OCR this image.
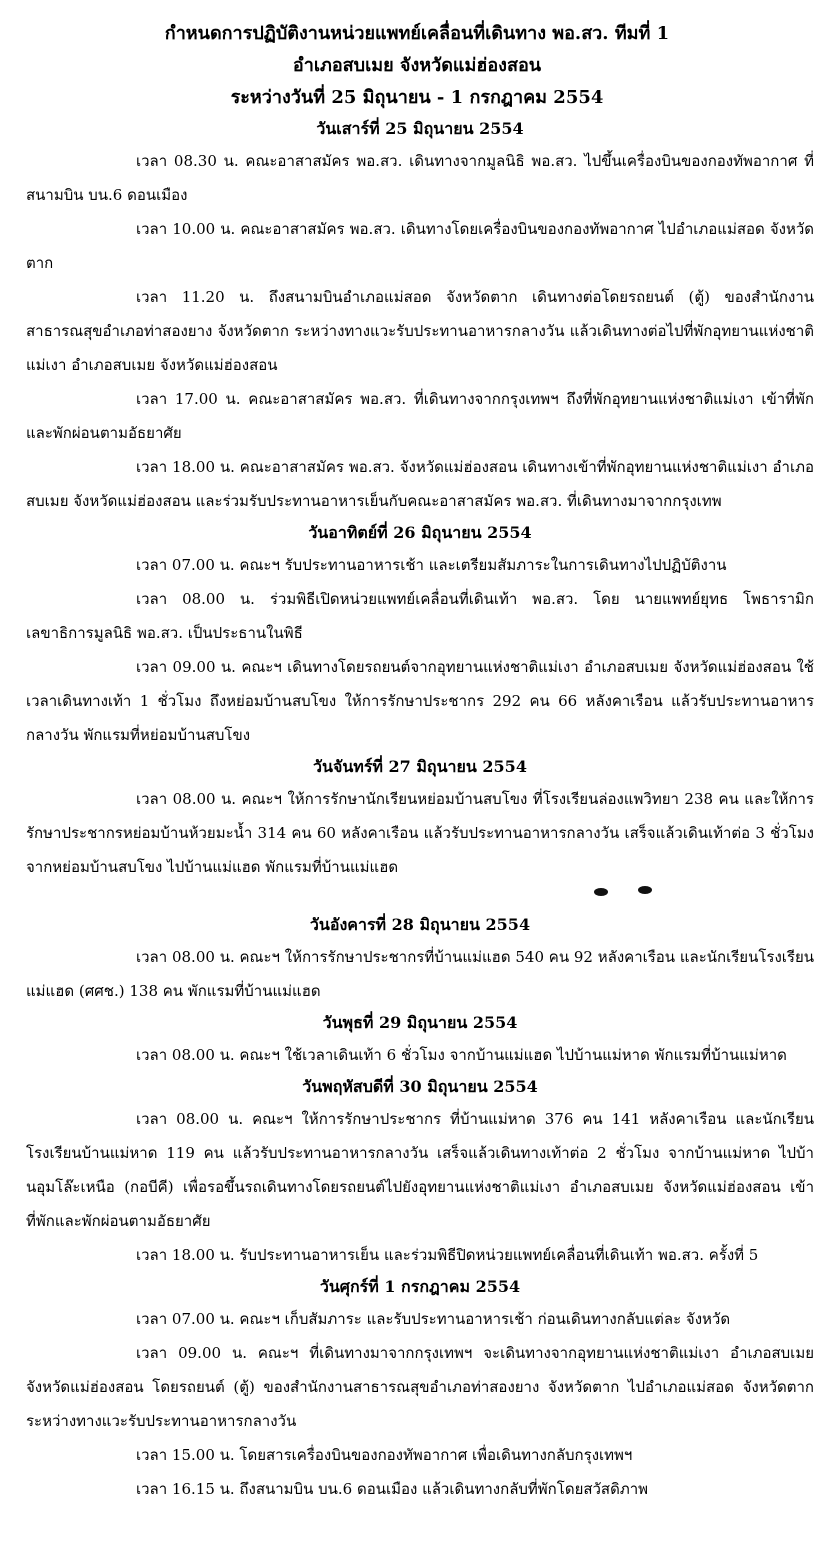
กำหนดการปฏิบัติงานหน่วยแพทย์เคลื่อนที่เดินทาง พอ.สว. ทีมที่ 1

อำเภอสบเมย จังหวัดแม่ฮ่องสอน

ระหว่างวันที่ 25 มิถุนายน - 1 กรกฎาคม 2554

วันเสาร์ที่ 25 มิถุนายน 2554

เวลา 08.30 น. คณะอาสาสมัคร พอ.สว. เดินทางจากมูลนิธิ พอ.สว. ไปขึ้นเครื่องบินของกองทัพอากาศ ที่สนามบิน บน.6 ดอนเมือง

เวลา 10.00 น. คณะอาสาสมัคร พอ.สว. เดินทางโดยเครื่องบินของกองทัพอากาศ ไปอำเภอแม่สอด จังหวัดตาก

เวลา 11.20 น. ถึงสนามบินอำเภอแม่สอด จังหวัดตาก เดินทางต่อโดยรถยนต์ (ตู้) ของสำนักงานสาธารณสุขอำเภอท่าสองยาง จังหวัดตาก ระหว่างทางแวะรับประทานอาหารกลางวัน แล้วเดินทางต่อไปที่พักอุทยานแห่งชาติแม่เงา อำเภอสบเมย จังหวัดแม่ฮ่องสอน

เวลา 17.00 น. คณะอาสาสมัคร พอ.สว. ที่เดินทางจากกรุงเทพฯ ถึงที่พักอุทยานแห่งชาติแม่เงา เข้าที่พักและพักผ่อนตามอัธยาศัย

เวลา 18.00 น. คณะอาสาสมัคร พอ.สว. จังหวัดแม่ฮ่องสอน เดินทางเข้าที่พักอุทยานแห่งชาติแม่เงา อำเภอสบเมย จังหวัดแม่ฮ่องสอน และร่วมรับประทานอาหารเย็นกับคณะอาสาสมัคร พอ.สว. ที่เดินทางมาจากกรุงเทพ

วันอาทิตย์ที่ 26 มิถุนายน 2554

เวลา 07.00 น. คณะฯ รับประทานอาหารเช้า และเตรียมสัมภาระในการเดินทางไปปฏิบัติงาน

เวลา 08.00 น. ร่วมพิธีเปิดหน่วยแพทย์เคลื่อนที่เดินเท้า พอ.สว. โดย นายแพทย์ยุทธ โพธารามิก เลขาธิการมูลนิธิ พอ.สว. เป็นประธานในพิธี

เวลา 09.00 น. คณะฯ เดินทางโดยรถยนต์จากอุทยานแห่งชาติแม่เงา อำเภอสบเมย จังหวัดแม่ฮ่องสอน ใช้เวลาเดินทางเท้า 1 ชั่วโมง ถึงหย่อมบ้านสบโขง ให้การรักษาประชากร 292 คน 66 หลังคาเรือน แล้วรับประทานอาหารกลางวัน พักแรมที่หย่อมบ้านสบโขง

วันจันทร์ที่ 27 มิถุนายน 2554

เวลา 08.00 น. คณะฯ ให้การรักษานักเรียนหย่อมบ้านสบโขง ที่โรงเรียนล่องแพวิทยา 238 คน และให้การรักษาประชากรหย่อมบ้านห้วยมะน้ำ 314 คน 60 หลังคาเรือน แล้วรับประทานอาหารกลางวัน เสร็จแล้วเดินเท้าต่อ 3 ชั่วโมง จากหย่อมบ้านสบโขง ไปบ้านแม่แฮด พักแรมที่บ้านแม่แฮด

วันอังคารที่ 28 มิถุนายน 2554

เวลา 08.00 น. คณะฯ ให้การรักษาประชากรที่บ้านแม่แฮด 540 คน 92 หลังคาเรือน และนักเรียนโรงเรียนแม่แฮด (ศศช.) 138 คน พักแรมที่บ้านแม่แฮด

วันพุธที่ 29 มิถุนายน 2554

เวลา 08.00 น. คณะฯ ใช้เวลาเดินเท้า 6 ชั่วโมง จากบ้านแม่แฮด ไปบ้านแม่หาด พักแรมที่บ้านแม่หาด

วันพฤหัสบดีที่ 30 มิถุนายน 2554

เวลา 08.00 น. คณะฯ ให้การรักษาประชากร ที่บ้านแม่หาด 376 คน 141 หลังคาเรือน และนักเรียนโรงเรียนบ้านแม่หาด 119 คน แล้วรับประทานอาหารกลางวัน เสร็จแล้วเดินทางเท้าต่อ 2 ชั่วโมง จากบ้านแม่หาด ไปบ้านอุมโล๊ะเหนือ (กอบีคี) เพื่อรอขึ้นรถเดินทางโดยรถยนต์ไปยังอุทยานแห่งชาติแม่เงา อำเภอสบเมย จังหวัดแม่ฮ่องสอน เข้าที่พักและพักผ่อนตามอัธยาศัย

เวลา 18.00 น. รับประทานอาหารเย็น และร่วมพิธีปิดหน่วยแพทย์เคลื่อนที่เดินเท้า พอ.สว. ครั้งที่ 5

วันศุกร์ที่ 1 กรกฎาคม 2554

เวลา 07.00 น. คณะฯ เก็บสัมภาระ และรับประทานอาหารเช้า ก่อนเดินทางกลับแต่ละ จังหวัด

เวลา 09.00 น. คณะฯ ที่เดินทางมาจากกรุงเทพฯ จะเดินทางจากอุทยานแห่งชาติแม่เงา อำเภอสบเมย จังหวัดแม่ฮ่องสอน โดยรถยนต์ (ตู้) ของสำนักงานสาธารณสุขอำเภอท่าสองยาง จังหวัดตาก ไปอำเภอแม่สอด จังหวัดตาก ระหว่างทางแวะรับประทานอาหารกลางวัน

เวลา 15.00 น. โดยสารเครื่องบินของกองทัพอากาศ เพื่อเดินทางกลับกรุงเทพฯ

เวลา 16.15 น. ถึงสนามบิน บน.6 ดอนเมือง แล้วเดินทางกลับที่พักโดยสวัสดิภาพ
